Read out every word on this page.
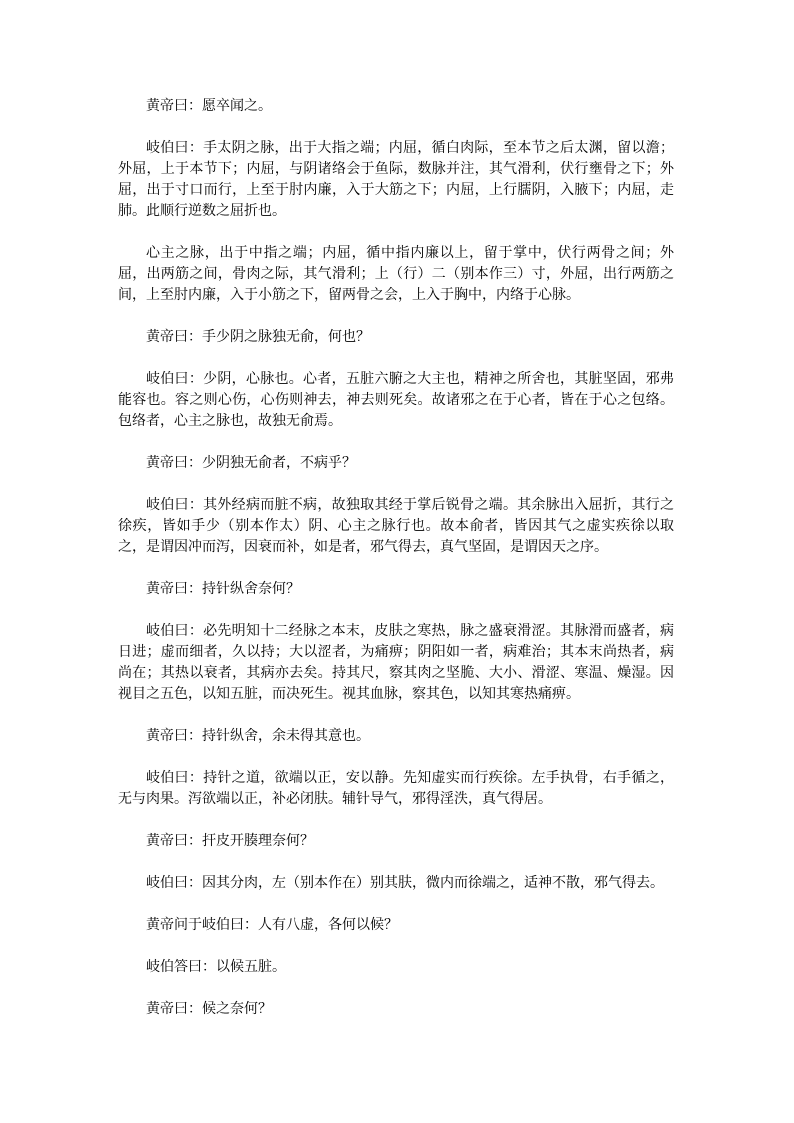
黄帝曰：愿卒闻之。

岐伯曰：手太阴之脉，出于大指之端；内屈，循白肉际，至本节之后太渊，留以澹；外屈，上于本节下；内屈，与阴诸络会于鱼际，数脉并注，其气滑利，伏行壅骨之下；外屈，出于寸口而行，上至于肘内廉，入于大筋之下；内屈，上行臑阴，入腋下；内屈，走肺。此顺行逆数之屈折也。

心主之脉，出于中指之端；内屈，循中指内廉以上，留于掌中，伏行两骨之间；外屈，出两筋之间，骨肉之际，其气滑利；上（行）二（别本作三）寸，外屈，出行两筋之间，上至肘内廉，入于小筋之下，留两骨之会，上入于胸中，内络于心脉。

黄帝曰：手少阴之脉独无俞，何也？

岐伯曰：少阴，心脉也。心者，五脏六腑之大主也，精神之所舍也，其脏坚固，邪弗能容也。容之则心伤，心伤则神去，神去则死矣。故诸邪之在于心者，皆在于心之包络。包络者，心主之脉也，故独无俞焉。

黄帝曰：少阴独无俞者，不病乎？

岐伯曰：其外经病而脏不病，故独取其经于掌后锐骨之端。其余脉出入屈折，其行之徐疾，皆如手少（别本作太）阴、心主之脉行也。故本俞者，皆因其气之虚实疾徐以取之，是谓因冲而泻，因衰而补，如是者，邪气得去，真气坚固，是谓因天之序。

黄帝曰：持针纵舍奈何？

岐伯曰：必先明知十二经脉之本末，皮肤之寒热，脉之盛衰滑涩。其脉滑而盛者，病日进；虚而细者，久以持；大以涩者，为痛痹；阴阳如一者，病难治；其本末尚热者，病尚在；其热以衰者，其病亦去矣。持其尺，察其肉之坚脆、大小、滑涩、寒温、燥湿。因视目之五色，以知五脏，而决死生。视其血脉，察其色，以知其寒热痛痹。

黄帝曰：持针纵舍，余未得其意也。

岐伯曰：持针之道，欲端以正，安以静。先知虚实而行疾徐。左手执骨，右手循之，无与肉果。泻欲端以正，补必闭肤。辅针导气，邪得淫泆，真气得居。

黄帝曰：扞皮开腠理奈何？

岐伯曰：因其分肉，左（别本作在）别其肤，微内而徐端之，适神不散，邪气得去。

黄帝问于岐伯曰：人有八虚，各何以候？

岐伯答曰：以候五脏。

黄帝曰：候之奈何？
